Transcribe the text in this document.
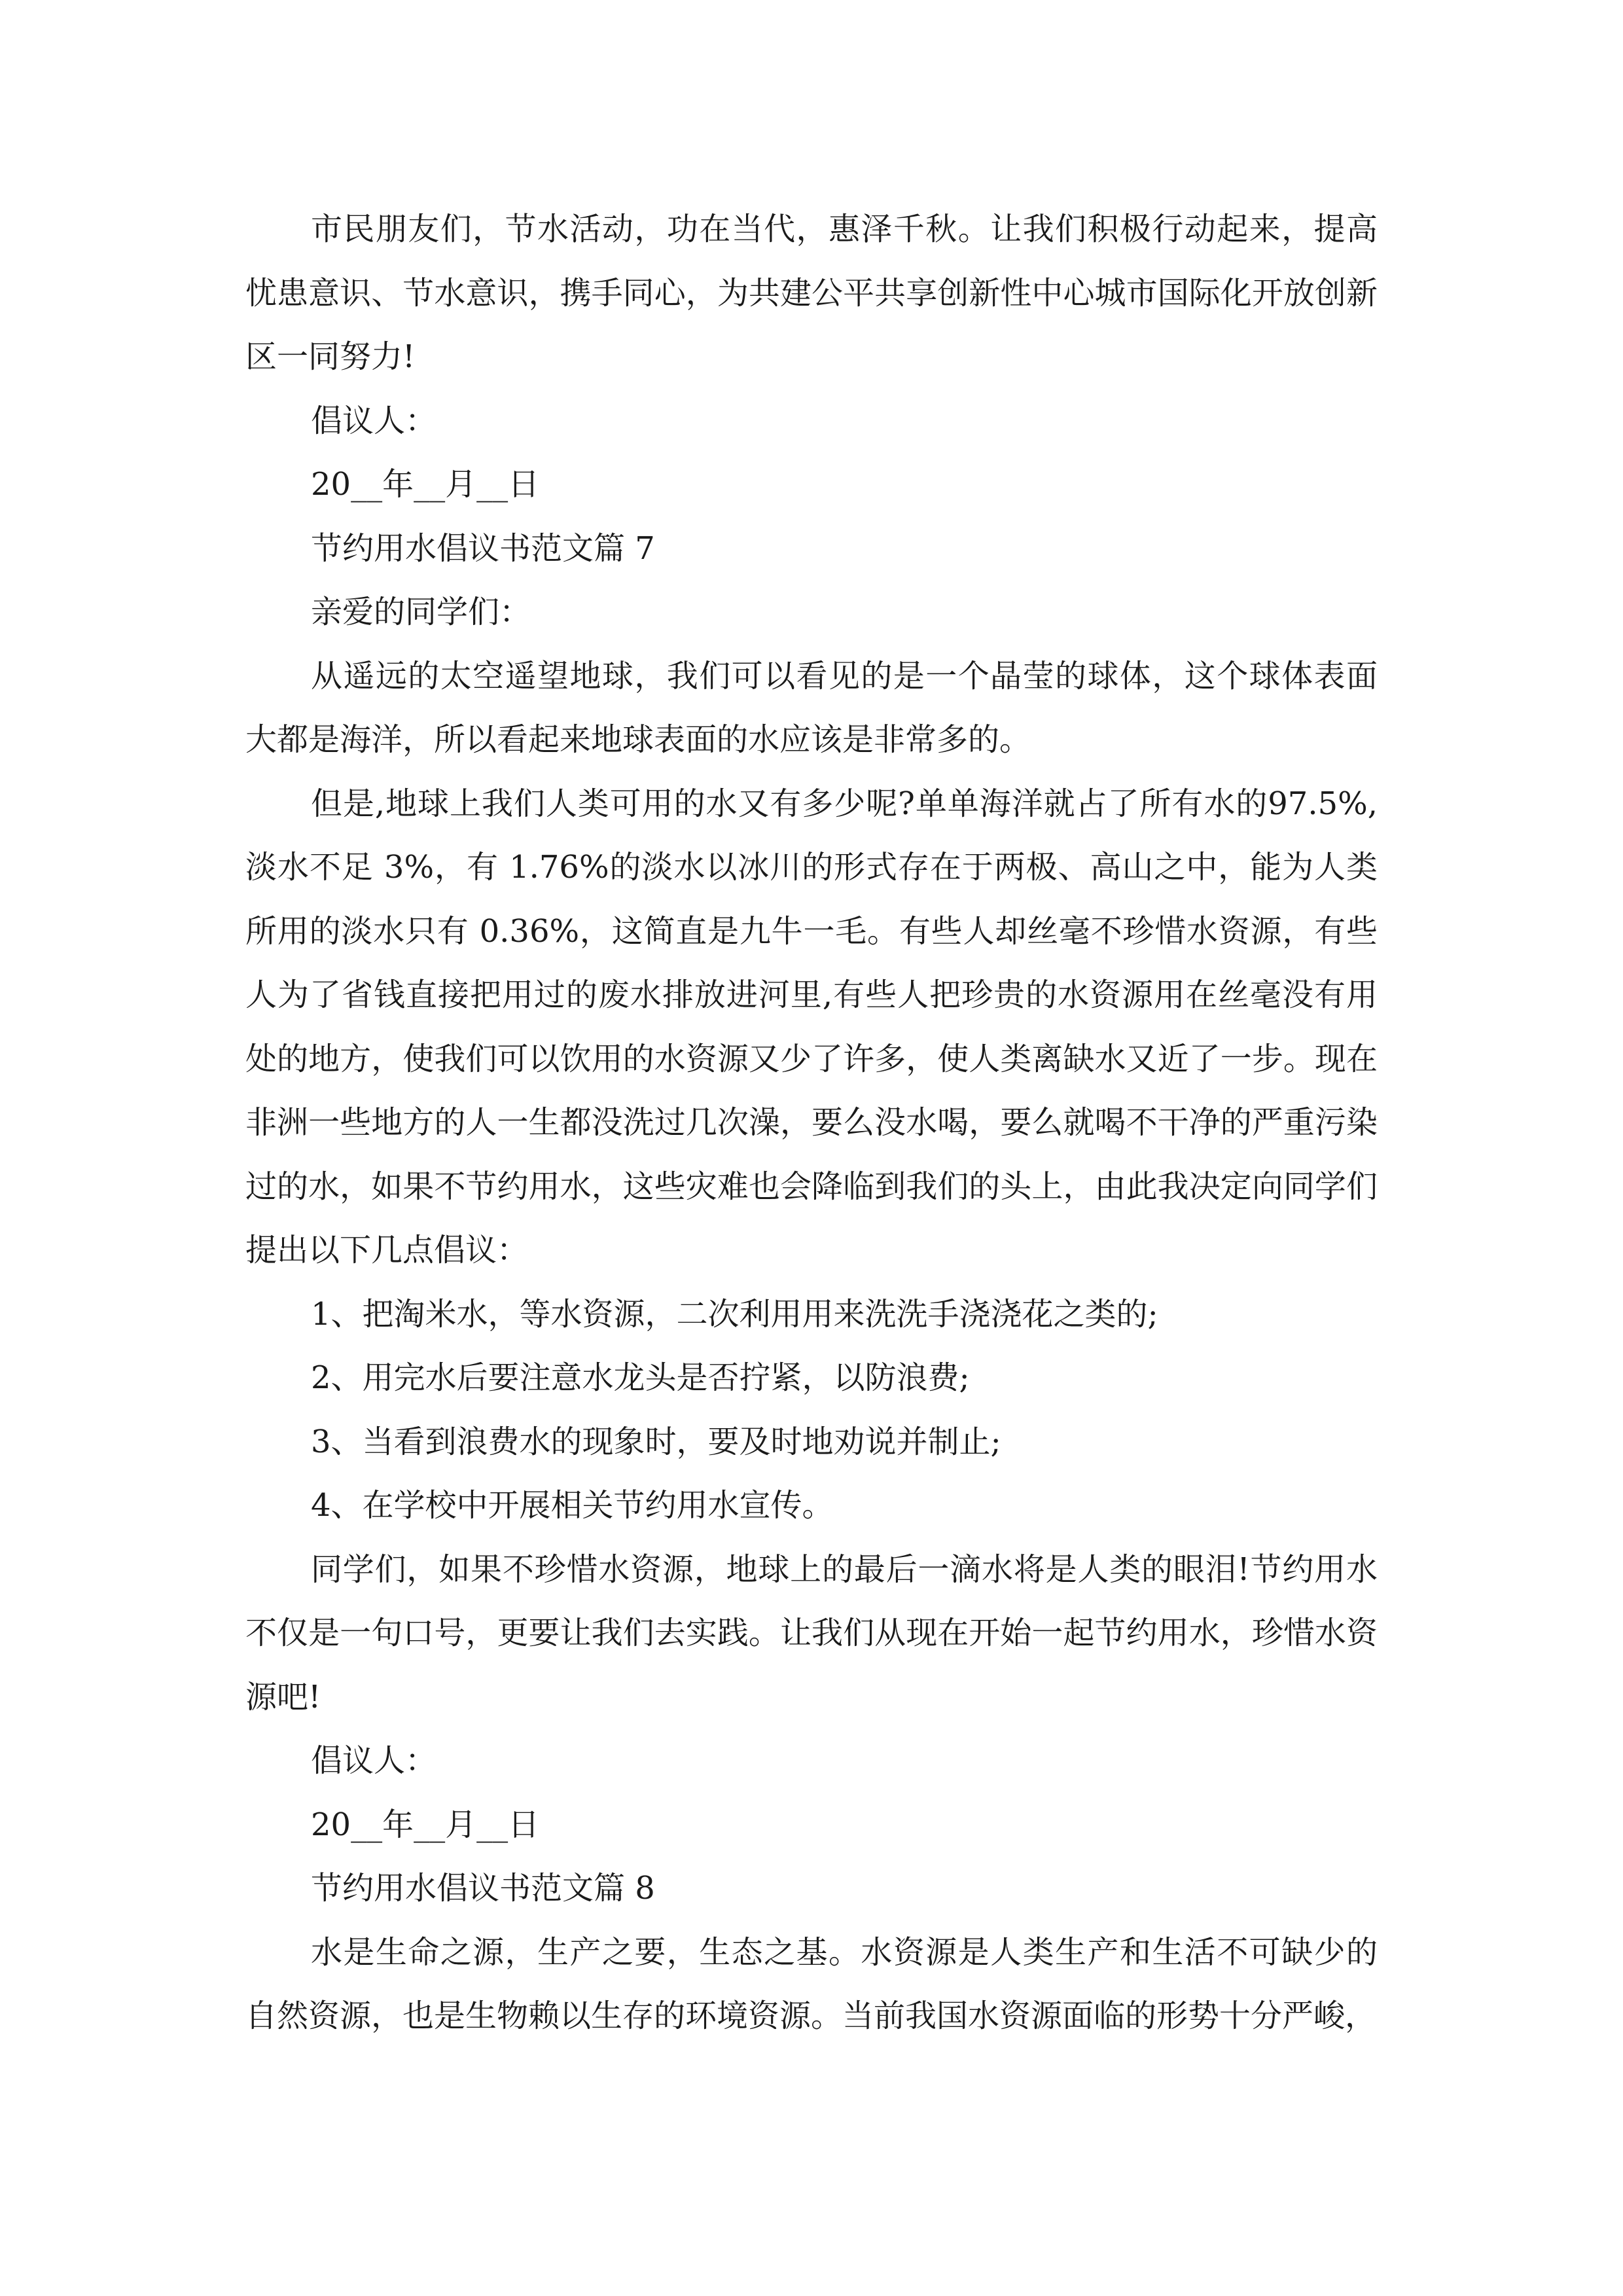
市民朋友们，节水活动，功在当代，惠泽千秋。让我们积极行动起来，提高忧患意识、节水意识，携手同心，为共建公平共享创新性中心城市国际化开放创新区一同努力!

倡议人：

20__年__月__日

节约用水倡议书范文篇 7

亲爱的同学们：

从遥远的太空遥望地球，我们可以看见的是一个晶莹的球体，这个球体表面大都是海洋，所以看起来地球表面的水应该是非常多的。

但是,地球上我们人类可用的水又有多少呢?单单海洋就占了所有水的97.5%,淡水不足 3%，有 1.76%的淡水以冰川的形式存在于两极、高山之中，能为人类所用的淡水只有 0.36%，这简直是九牛一毛。有些人却丝毫不珍惜水资源，有些人为了省钱直接把用过的废水排放进河里,有些人把珍贵的水资源用在丝毫没有用处的地方，使我们可以饮用的水资源又少了许多，使人类离缺水又近了一步。现在非洲一些地方的人一生都没洗过几次澡，要么没水喝，要么就喝不干净的严重污染过的水，如果不节约用水，这些灾难也会降临到我们的头上，由此我决定向同学们提出以下几点倡议：

1、把淘米水，等水资源，二次利用用来洗洗手浇浇花之类的;

2、用完水后要注意水龙头是否拧紧，以防浪费;

3、当看到浪费水的现象时，要及时地劝说并制止;

4、在学校中开展相关节约用水宣传。

同学们，如果不珍惜水资源，地球上的最后一滴水将是人类的眼泪!节约用水不仅是一句口号，更要让我们去实践。让我们从现在开始一起节约用水，珍惜水资源吧!

倡议人：

20__年__月__日

节约用水倡议书范文篇 8

水是生命之源，生产之要，生态之基。水资源是人类生产和生活不可缺少的自然资源，也是生物赖以生存的环境资源。当前我国水资源面临的形势十分严峻，
